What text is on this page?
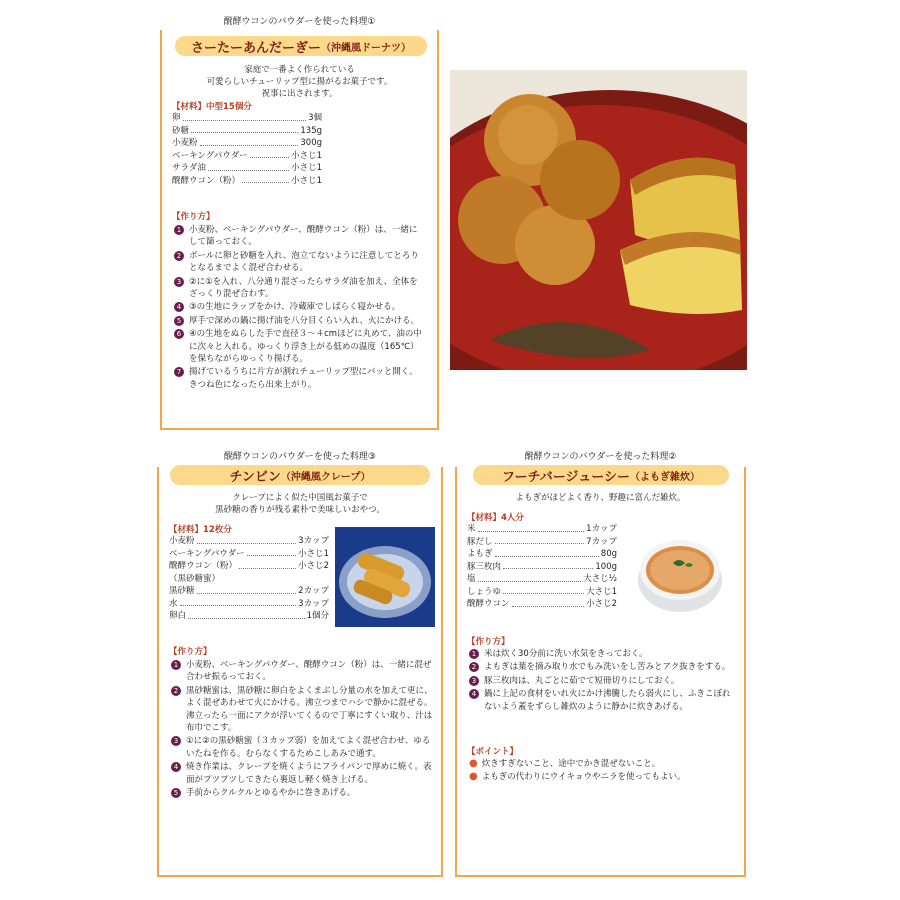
醗酵ウコンのパウダーを使った料理①
さーたーあんだーぎー （沖縄風ドーナツ）
家庭で一番よく作られている
可愛らしいチューリップ型に揚がるお菓子です。
祝事に出されます。
【材料】中型15個分
卵	3個
砂糖	135g
小麦粉	300g
ベーキングパウダー	小さじ1
サラダ油	小さじ1
醗酵ウコン（粉）	小さじ1
【作り方】
1 小麦粉、ベーキングパウダー、醗酵ウコン（粉）は、一緒にして篩っておく。
2 ボールに卵と砂糖を入れ、泡立てないように注意してとろりとなるまでよく混ぜ合わせる。
3 ②に①を入れ、八分通り混ざったらサラダ油を加え、全体をざっくり混ぜ合わす。
4 ③の生地にラップをかけ、冷蔵庫でしばらく寝かせる。
5 厚手で深めの鍋に揚げ油を八分目くらい入れ、火にかける。
6 ④の生地をぬらした手で直径３～４cmほどに丸めて、油の中に次々と入れる。ゆっくり浮き上がる低めの温度（165℃）を保ちながらゆっくり揚げる。
7 揚げているうちに片方が割れチューリップ型にパッと開く。きつね色になったら出来上がり。
醗酵ウコンのパウダーを使った料理③
チンビン （沖縄風クレープ）
クレープによく似た中国風お菓子で
黒砂糖の香りが残る素朴で美味しいおやつ。
【材料】12枚分
小麦粉	3カップ
ベーキングパウダー	小さじ1
醗酵ウコン（粉）	小さじ2
（黒砂糖蜜）
黒砂糖	2カップ
水	3カップ
卵白	1個分
【作り方】
1 小麦粉、ベーキングパウダー、醗酵ウコン（粉）は、一緒に混ぜ合わせ振るっておく。
2 黒砂糖蜜は、黒砂糖に卵白をよくまぶし分量の水を加えて更に、よく混ぜあわせて火にかける。沸立つまでハシで静かに混ぜる。沸立ったら一面にアクが浮いてくるので丁寧にすくい取り、汁は布巾でこす。
3 ①に②の黒砂糖蜜（３カップ弱）を加えてよく混ぜ合わせ、ゆるいたねを作る。むらなくするためこしあみで通す。
4 焼き作業は、クレープを焼くようにフライパンで厚めに焼く。表面がプツプツしてきたら裏返し軽く焼き上げる。
5 手前からクルクルとゆるやかに巻きあげる。
醗酵ウコンのパウダーを使った料理②
フーチバージューシー （よもぎ雑炊）
よもぎがほどよく香り、野趣に富んだ雑炊。
【材料】4人分
米	1カップ
豚だし	7カップ
よもぎ	80g
豚三枚肉	100g
塩	大さじ½
しょうゆ	大さじ1
醗酵ウコン	小さじ2
【作り方】
1 米は炊く30分前に洗い水気をきっておく。
2 よもぎは葉を摘み取り水でもみ洗いをし苦みとアク抜きをする。
3 豚三枚肉は、丸ごとに茹でて短冊切りにしておく。
4 鍋に上記の食材をいれ火にかけ沸騰したら弱火にし、ふきこぼれないよう蓋をずらし雑炊のように静かに炊きあげる。
【ポイント】
● 炊きすぎないこと、途中でかき混ぜないこと。
● よもぎの代わりにウイキョウやニラを使ってもよい。
